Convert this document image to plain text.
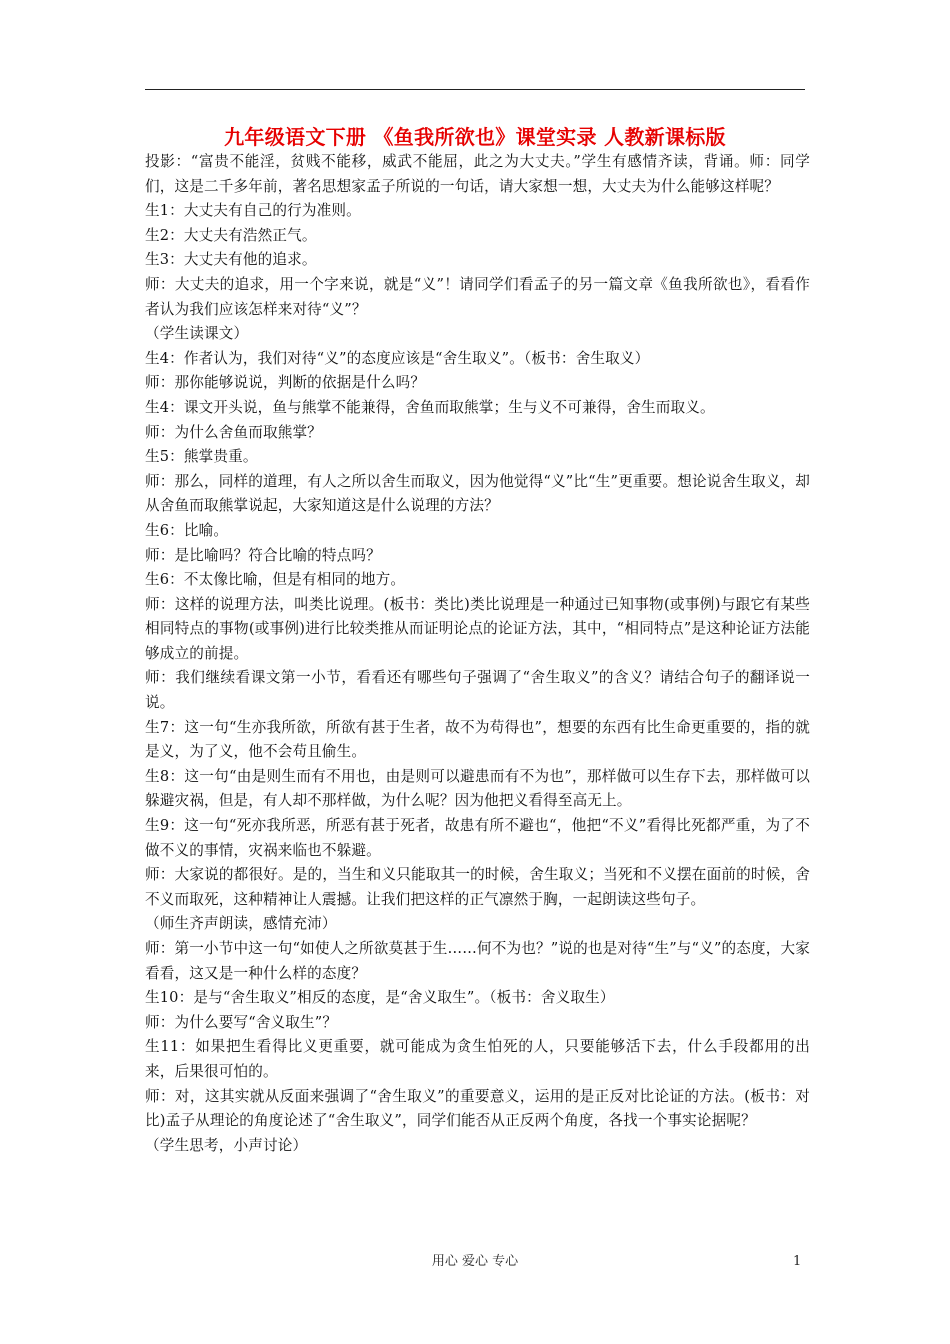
九年级语文下册 《鱼我所欲也》课堂实录 人教新课标版

投影：“富贵不能淫，贫贱不能移，威武不能屈，此之为大丈夫。”学生有感情齐读，背诵。师：同学们，这是二千多年前，著名思想家孟子所说的一句话，请大家想一想，大丈夫为什么能够这样呢？

生1：大丈夫有自己的行为准则。

生2：大丈夫有浩然正气。

生3：大丈夫有他的追求。

师：大丈夫的追求，用一个字来说，就是“义”！请同学们看孟子的另一篇文章《鱼我所欲也》，看看作者认为我们应该怎样来对待“义”？

（学生读课文）

生4：作者认为，我们对待“义”的态度应该是“舍生取义”。（板书：舍生取义）

师：那你能够说说，判断的依据是什么吗？

生4：课文开头说，鱼与熊掌不能兼得，舍鱼而取熊掌；生与义不可兼得，舍生而取义。

师：为什么舍鱼而取熊掌？

生5：熊掌贵重。

师：那么，同样的道理，有人之所以舍生而取义，因为他觉得“义”比“生”更重要。想论说舍生取义，却从舍鱼而取熊掌说起，大家知道这是什么说理的方法？

生6：比喻。

师：是比喻吗？符合比喻的特点吗？

生6：不太像比喻，但是有相同的地方。

师：这样的说理方法，叫类比说理。(板书：类比)类比说理是一种通过已知事物(或事例)与跟它有某些相同特点的事物(或事例)进行比较类推从而证明论点的论证方法，其中，“相同特点”是这种论证方法能够成立的前提。

师：我们继续看课文第一小节，看看还有哪些句子强调了“舍生取义”的含义？请结合句子的翻译说一说。

生7：这一句“生亦我所欲，所欲有甚于生者，故不为苟得也”，想要的东西有比生命更重要的，指的就是义，为了义，他不会苟且偷生。

生8：这一句“由是则生而有不用也，由是则可以避患而有不为也”，那样做可以生存下去，那样做可以躲避灾祸，但是，有人却不那样做，为什么呢？因为他把义看得至高无上。

生9：这一句“死亦我所恶，所恶有甚于死者，故患有所不避也“，他把“不义”看得比死都严重，为了不做不义的事情，灾祸来临也不躲避。

师：大家说的都很好。是的，当生和义只能取其一的时候，舍生取义；当死和不义摆在面前的时候，舍不义而取死，这种精神让人震撼。让我们把这样的正气凛然于胸，一起朗读这些句子。

（师生齐声朗读，感情充沛）

师：第一小节中这一句“如使人之所欲莫甚于生……何不为也？”说的也是对待“生”与“义”的态度，大家看看，这又是一种什么样的态度？

生10：是与“舍生取义”相反的态度，是“舍义取生”。（板书：舍义取生）

师：为什么要写“舍义取生”？

生11：如果把生看得比义更重要，就可能成为贪生怕死的人，只要能够活下去，什么手段都用的出来，后果很可怕的。

师：对，这其实就从反面来强调了“舍生取义”的重要意义，运用的是正反对比论证的方法。(板书：对比)孟子从理论的角度论述了“舍生取义”，同学们能否从正反两个角度，各找一个事实论据呢？

（学生思考，小声讨论）

用心 爱心 专心	1
